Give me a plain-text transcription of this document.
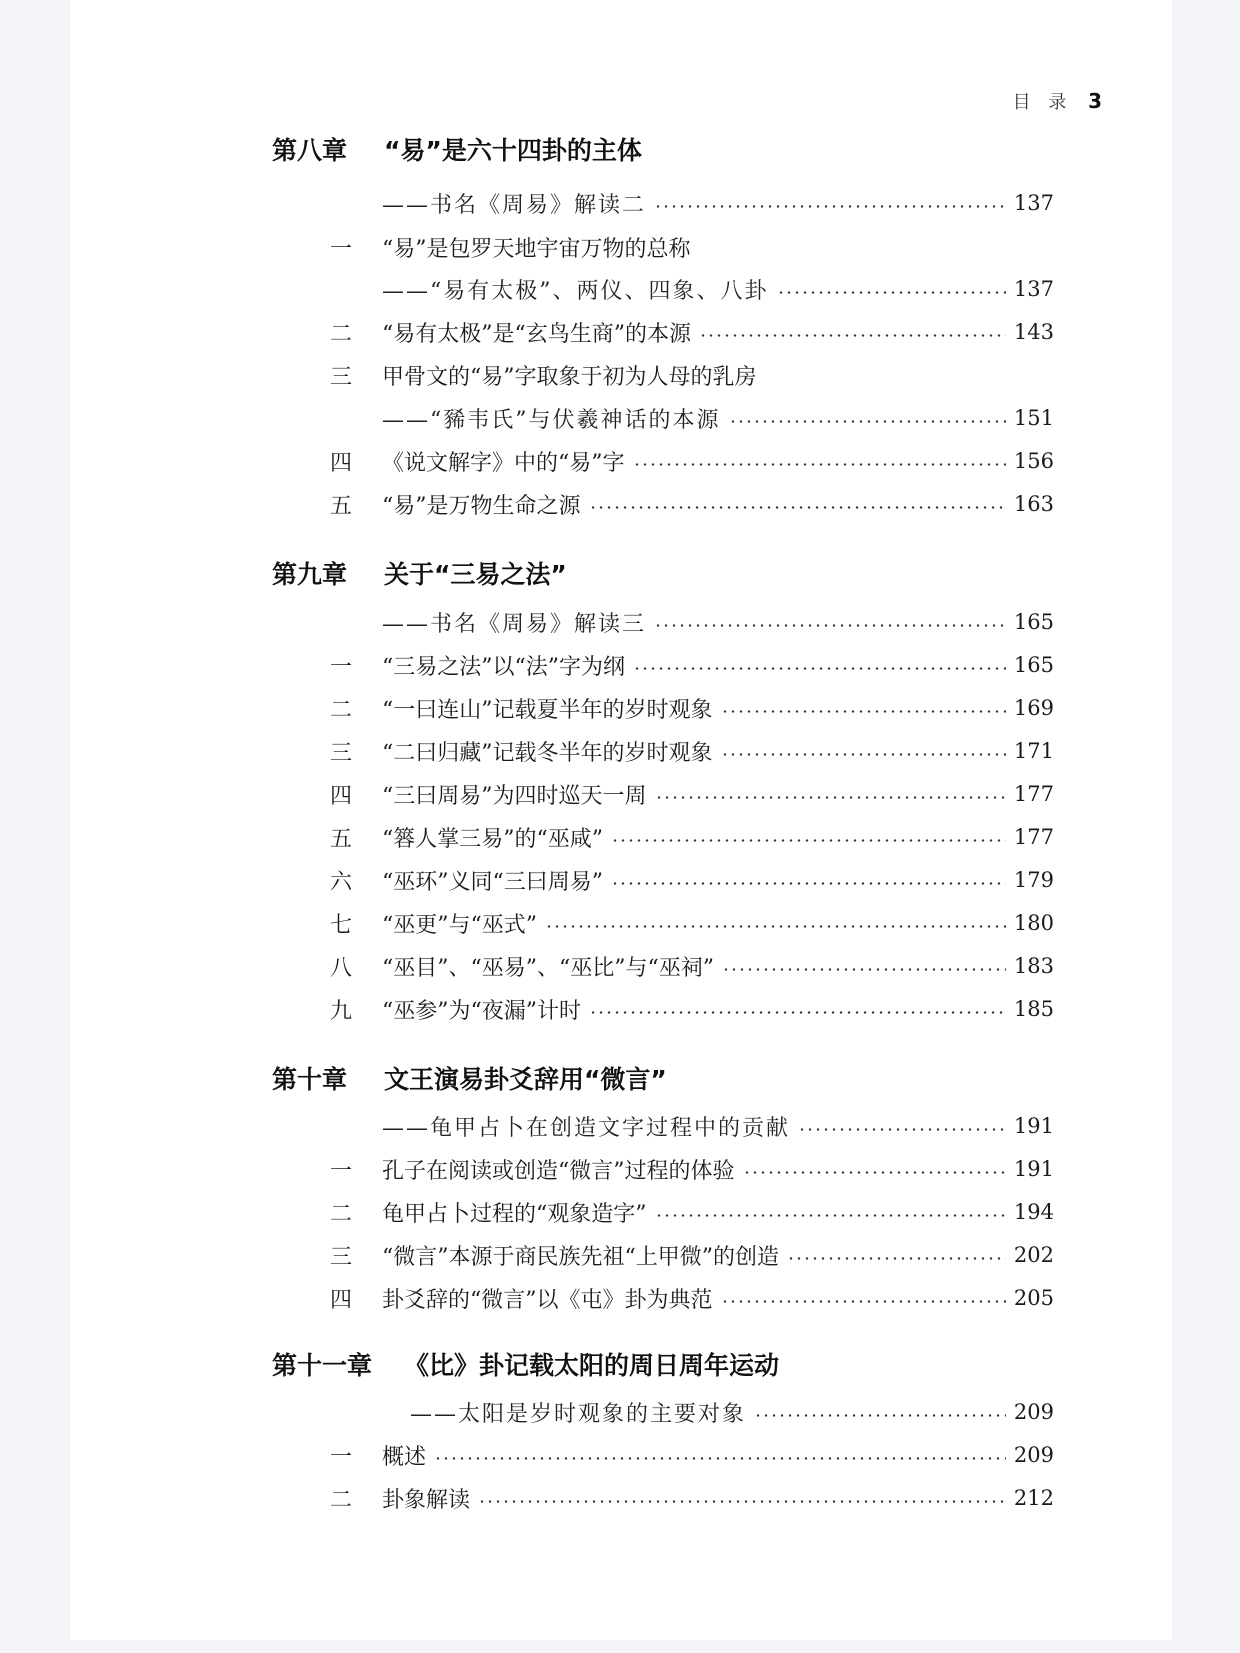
目 录 3
第八章 “易”是六十四卦的主体
——书名《周易》解读二	137
一	“易”是包罗天地宇宙万物的总称
——“易有太极”、两仪、四象、八卦	137
二	“易有太极”是“玄鸟生商”的本源	143
三	甲骨文的“易”字取象于初为人母的乳房
——“豨韦氏”与伏羲神话的本源	151
四	《说文解字》中的“易”字	156
五	“易”是万物生命之源	163
第九章 关于“三易之法”
——书名《周易》解读三	165
一	“三易之法”以“法”字为纲	165
二	“一曰连山”记载夏半年的岁时观象	169
三	“二曰归藏”记载冬半年的岁时观象	171
四	“三曰周易”为四时巡天一周	177
五	“簭人掌三易”的“巫咸”	177
六	“巫环”义同“三曰周易”	179
七	“巫更”与“巫式”	180
八	“巫目”、“巫易”、“巫比”与“巫祠”	183
九	“巫参”为“夜漏”计时	185
第十章 文王演易卦爻辞用“微言”
——龟甲占卜在创造文字过程中的贡献	191
一	孔子在阅读或创造“微言”过程的体验	191
二	龟甲占卜过程的“观象造字”	194
三	“微言”本源于商民族先祖“上甲微”的创造	202
四	卦爻辞的“微言”以《屯》卦为典范	205
第十一章 《比》卦记载太阳的周日周年运动
——太阳是岁时观象的主要对象	209
一	概述	209
二	卦象解读	212
